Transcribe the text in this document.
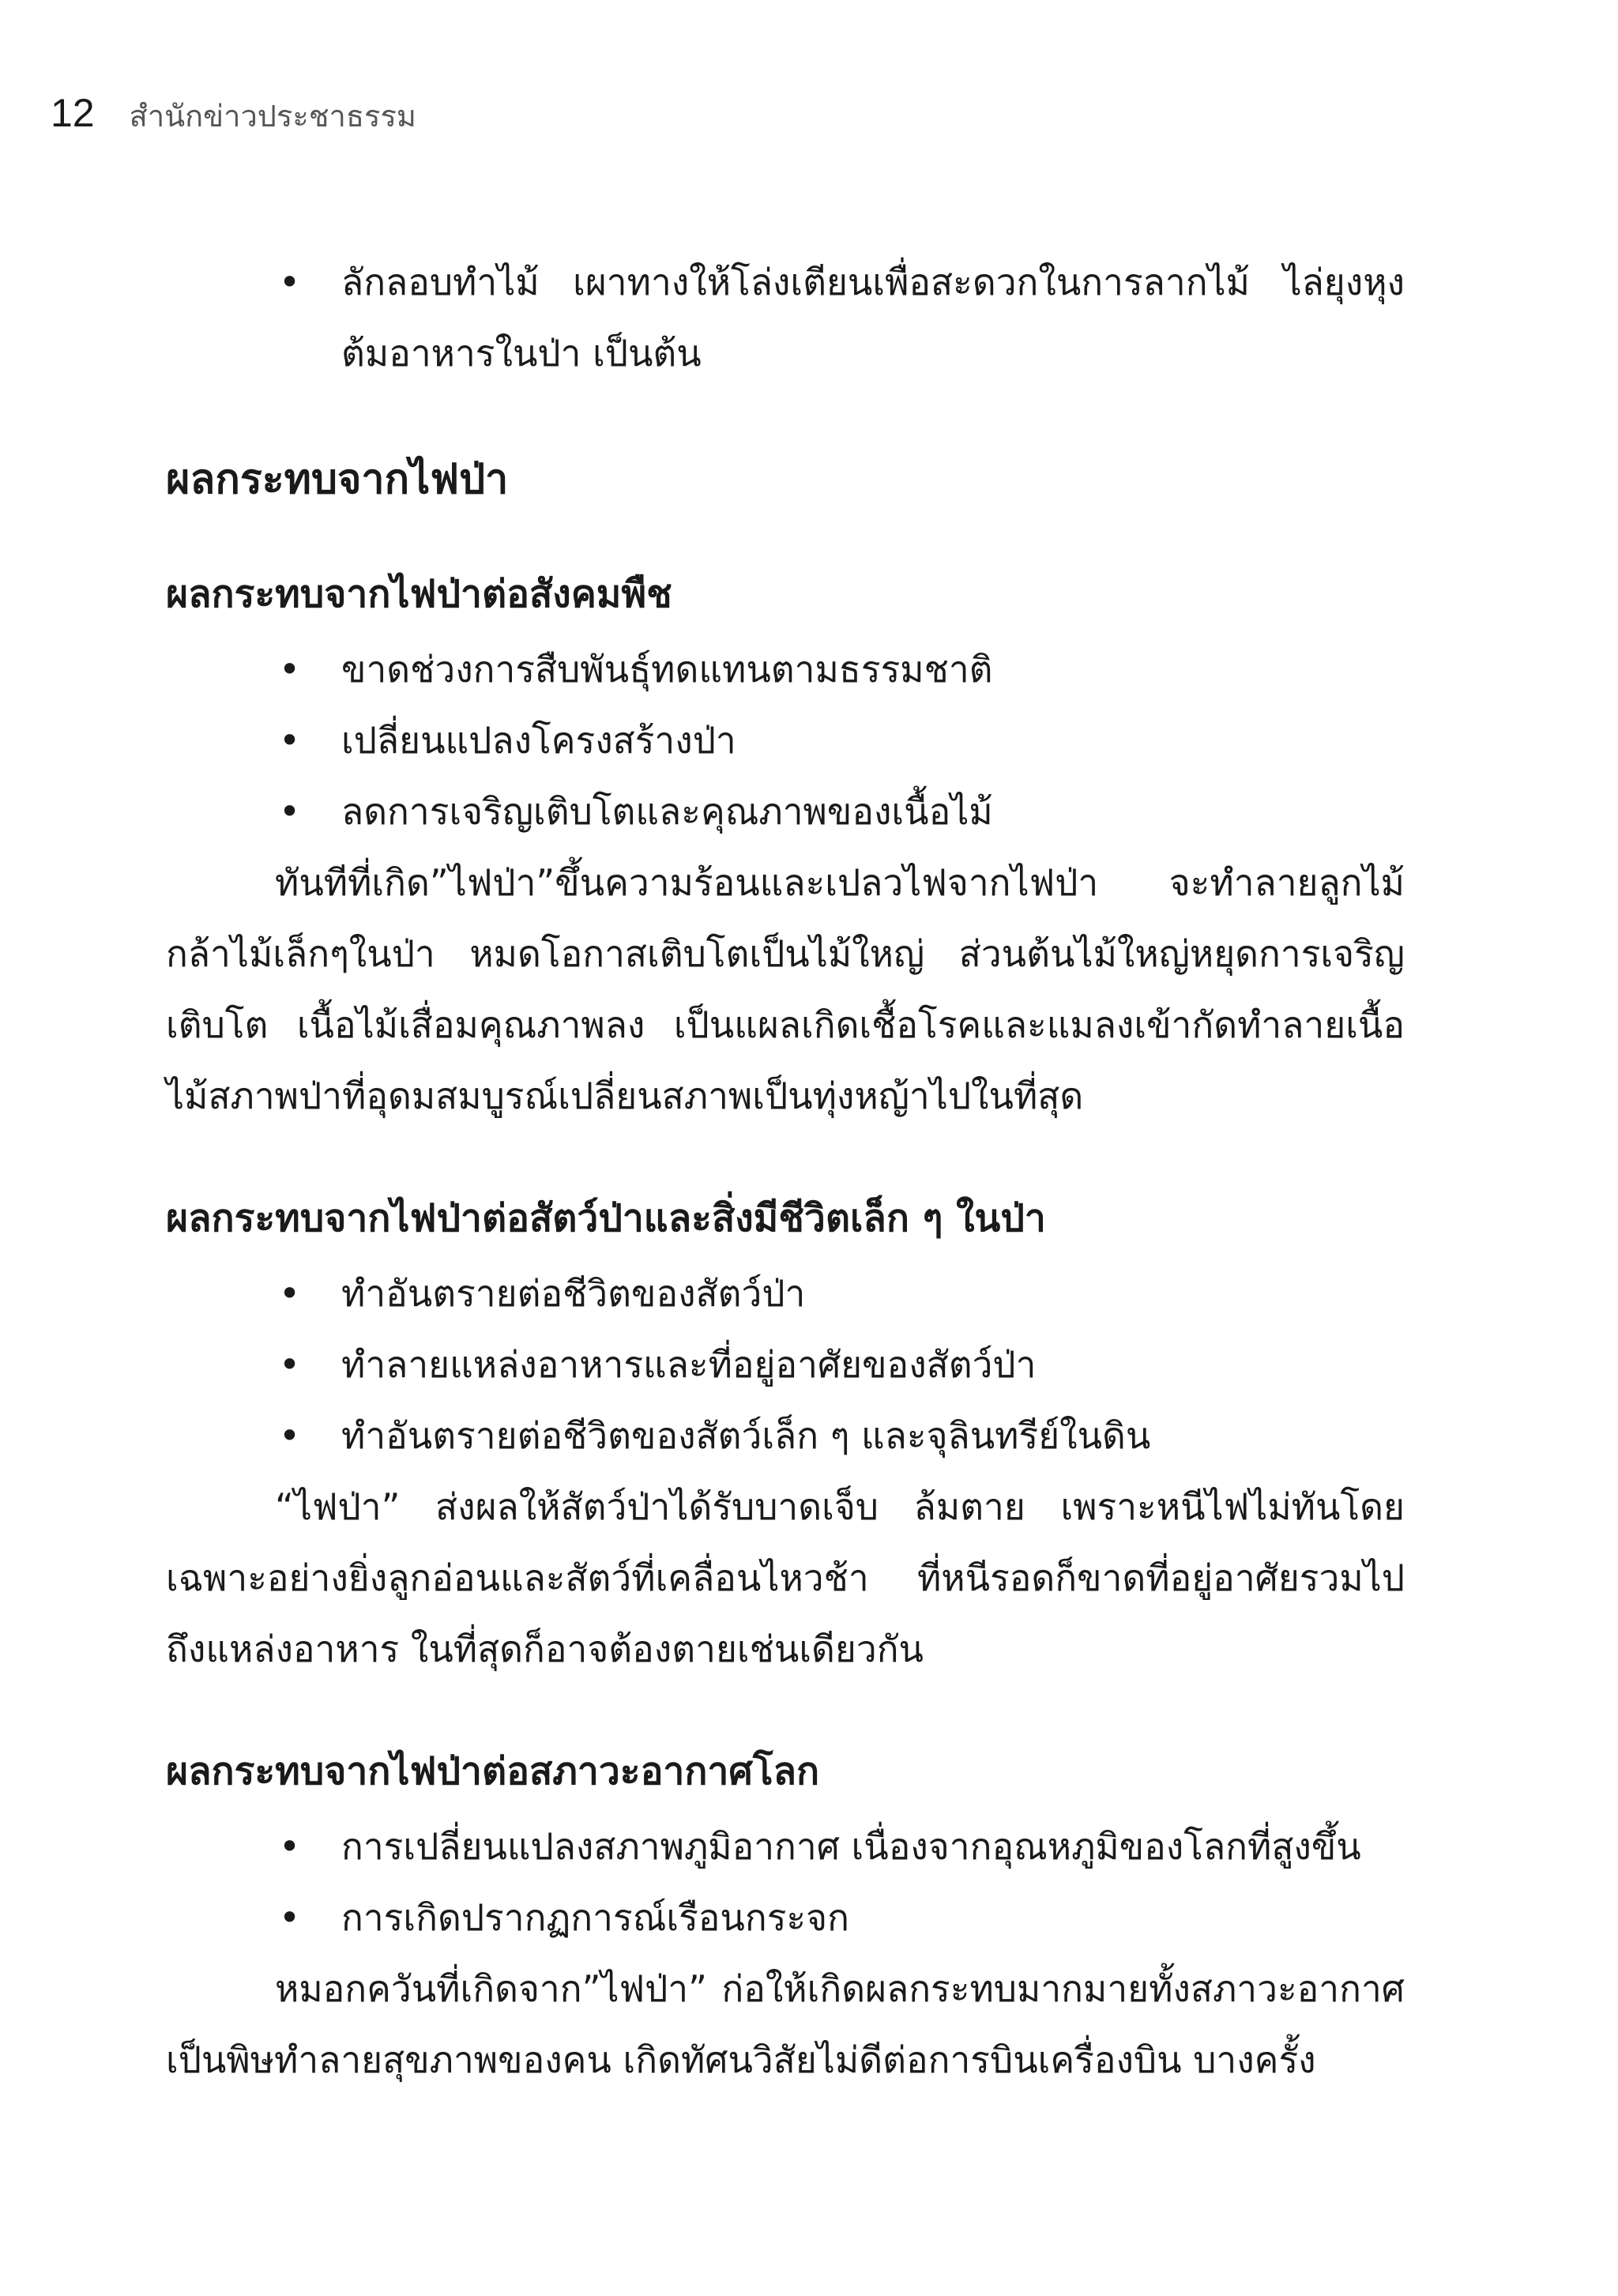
12 สำนักข่าวประชาธรรม
• ลักลอบทำไม้ เผาทางให้โล่งเตียนเพื่อสะดวกในการลากไม้ ไล่ยุงหุงต้มอาหารในป่า เป็นต้น
ผลกระทบจากไฟป่า
ผลกระทบจากไฟป่าต่อสังคมพืช
• ขาดช่วงการสืบพันธุ์ทดแทนตามธรรมชาติ
• เปลี่ยนแปลงโครงสร้างป่า
• ลดการเจริญเติบโตและคุณภาพของเนื้อไม้

ทันทีที่เกิด”ไฟป่า”ขึ้นความร้อนและเปลวไฟจากไฟป่า จะทำลายลูกไม้กล้าไม้เล็กๆในป่า หมดโอกาสเติบโตเป็นไม้ใหญ่ ส่วนต้นไม้ใหญ่หยุดการเจริญเติบโต เนื้อไม้เสื่อมคุณภาพลง เป็นแผลเกิดเชื้อโรคและแมลงเข้ากัดทำลายเนื้อไม้สภาพป่าที่อุดมสมบูรณ์เปลี่ยนสภาพเป็นทุ่งหญ้าไปในที่สุด

ผลกระทบจากไฟป่าต่อสัตว์ป่าและสิ่งมีชีวิตเล็ก ๆ ในป่า
• ทำอันตรายต่อชีวิตของสัตว์ป่า
• ทำลายแหล่งอาหารและที่อยู่อาศัยของสัตว์ป่า
• ทำอันตรายต่อชีวิตของสัตว์เล็ก ๆ และจุลินทรีย์ในดิน

“ไฟป่า” ส่งผลให้สัตว์ป่าได้รับบาดเจ็บ ล้มตาย เพราะหนีไฟไม่ทันโดยเฉพาะอย่างยิ่งลูกอ่อนและสัตว์ที่เคลื่อนไหวช้า ที่หนีรอดก็ขาดที่อยู่อาศัยรวมไปถึงแหล่งอาหาร ในที่สุดก็อาจต้องตายเช่นเดียวกัน

ผลกระทบจากไฟป่าต่อสภาวะอากาศโลก
• การเปลี่ยนแปลงสภาพภูมิอากาศ เนื่องจากอุณหภูมิของโลกที่สูงขึ้น
• การเกิดปรากฏการณ์เรือนกระจก

หมอกควันที่เกิดจาก”ไฟป่า” ก่อให้เกิดผลกระทบมากมายทั้งสภาวะอากาศเป็นพิษทำลายสุขภาพของคน เกิดทัศนวิสัยไม่ดีต่อการบินเครื่องบิน บางครั้ง
